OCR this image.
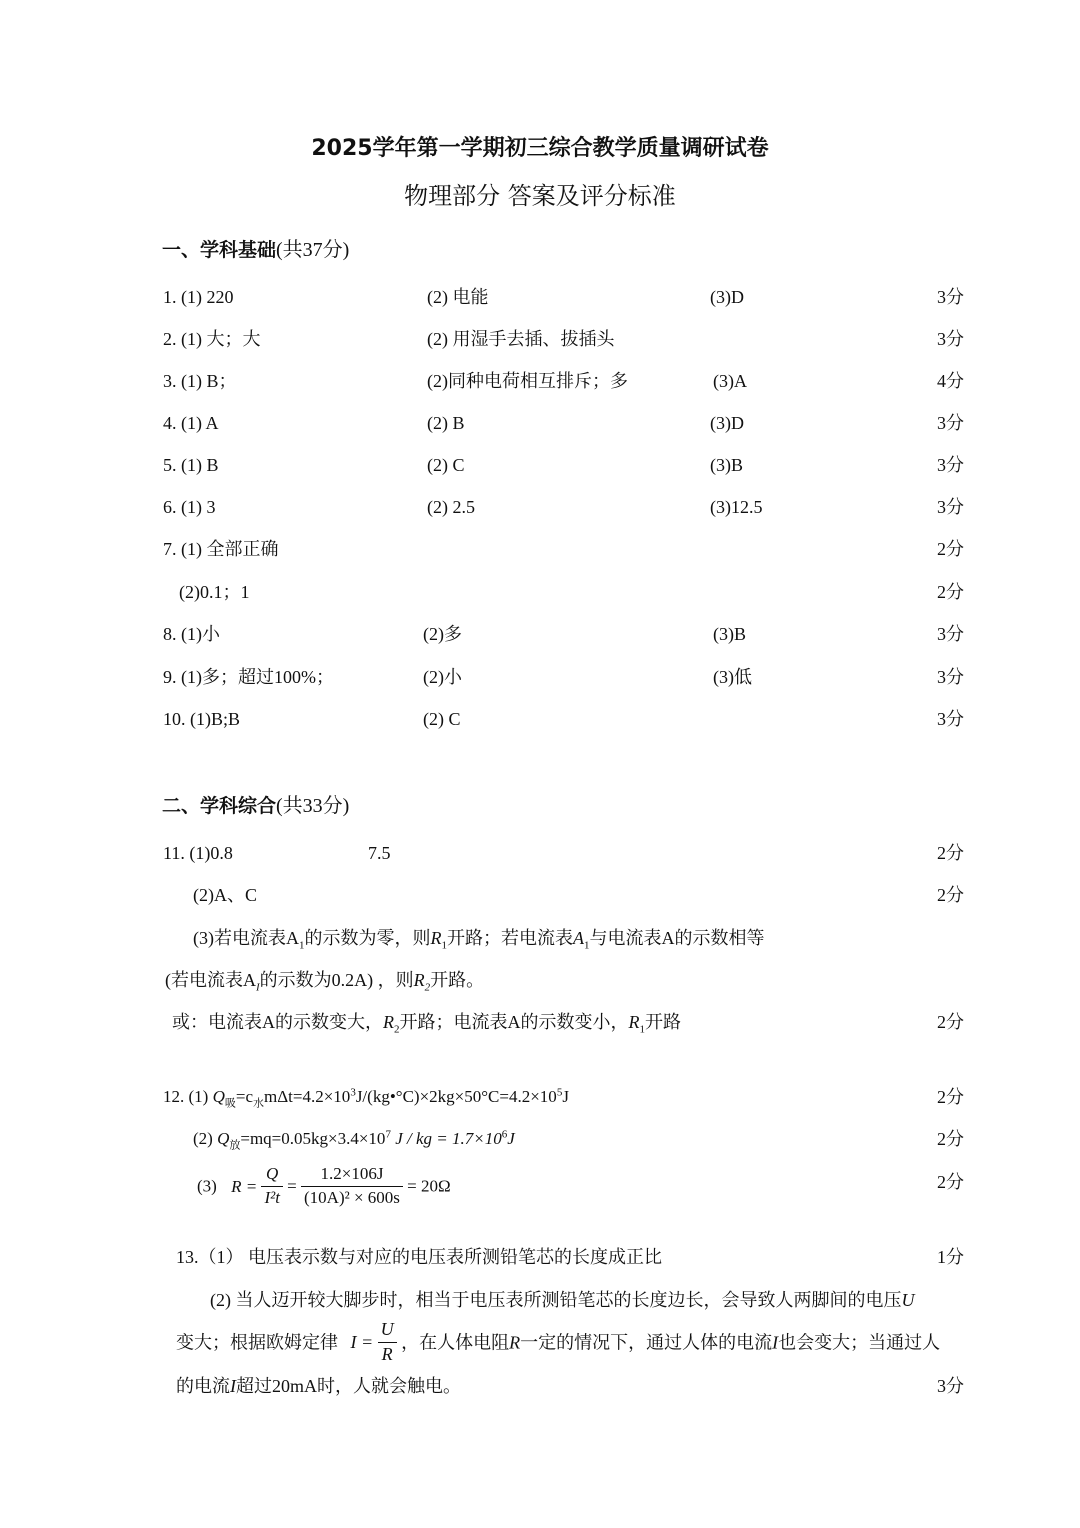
2025学年第一学期初三综合教学质量调研试卷
物理部分 答案及评分标准
一、学科基础(共37分)
1. (1) 220	(2) 电能	(3)D	3分
2. (1) 大；大	(2) 用湿手去插、拔插头	3分
3. (1) B；	(2)同种电荷相互排斥；多	(3)A	4分
4. (1) A	(2) B	(3)D	3分
5. (1) B	(2) C	(3)B	3分
6. (1) 3	(2) 2.5	(3)12.5	3分
7. (1) 全部正确	2分
(2)0.1；1	2分
8. (1)小	(2)多	(3)B	3分
9. (1)多；超过100%；	(2)小	(3)低	3分
10. (1)B;B	(2) C	3分
二、学科综合(共33分)
11. (1)0.8	7.5	2分
(2)A、C	2分
(3)若电流表$A_1$的示数为零，则$R_1$开路；若电流表$A_1$与电流表A的示数相等
(若电流表$A_I$的示数为0.2A) ，则$R_2$开路。
或：电流表A的示数变大，$R_2$开路；电流表A的示数变小，$R_1$开路	2分
12. (1) $Q_吸=c_水m\Delta t=4.2\times 10^3J/(kg•^\circ C)\times 2kg\times 50^\circ C=4.2\times 10^5J$	2分
(2) $Q_放=mq=0.05kg\times 3.4\times 10^7$ J / kg = $1.7\times 10^6J$	2分
(3) $R = \frac{Q}{\text{I²t}} = \frac{1.2\times 106J}{\text{(10A)² × 600s}} = 20\Omega$	2分
13.（1） 电压表示数与对应的电压表所测铅笔芯的长度成正比	1分
(2) 当人迈开较大脚步时，相当于电压表所测铅笔芯的长度边长，会导致人两脚间的电压U
变大；根据欧姆定律 $I = \frac{U}{R}$ ，在人体电阻R一定的情况下，通过人体的电流I也会变大；当通过人
的电流I超过20mA时，人就会触电。	3分
